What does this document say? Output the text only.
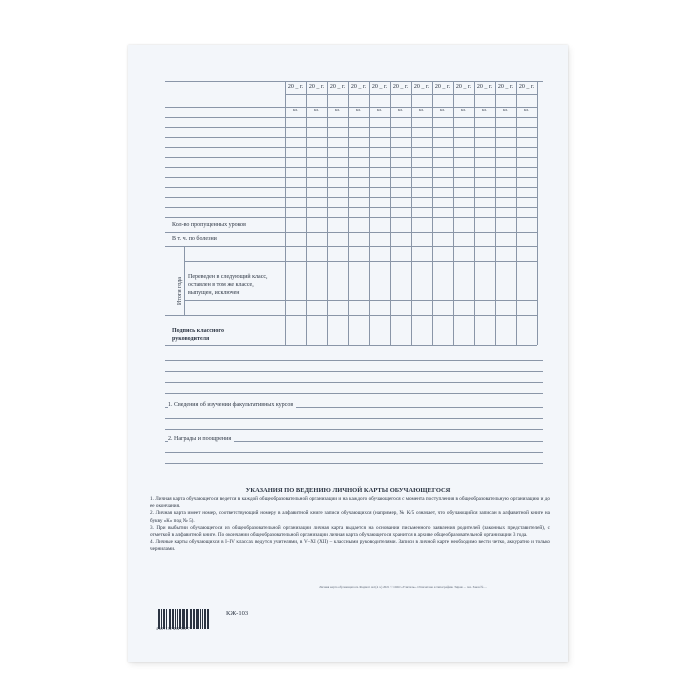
20 _ г.
кл.
20 _ г.
кл.
20 _ г.
кл.
20 _ г.
кл.
20 _ г.
кл.
20 _ г.
кл.
20 _ г.
кл.
20 _ г.
кл.
20 _ г.
кл.
20 _ г.
кл.
20 _ г.
кл.
20 _ г.
кл.
Кол-во пропущенных уроков
В т. ч. по болезни
Итоги года
Переведен в следующий класс,
оставлен в том же классе,
выпущен, исключен
Подпись классного
руководителя
1. Сведения об изучении факультативных курсов
2. Награды и поощрения
УКАЗАНИЯ ПО ВЕДЕНИЮ ЛИЧНОЙ КАРТЫ ОБУЧАЮЩЕГОСЯ

1. Личная карта обучающегося ведется в каждой общеобразовательной организации и на каждого обучающегося с момента поступления в общеобразовательную организацию и до ее окончания.

2. Личная карта имеет номер, соответствующий номеру в алфавитной книге записи обучающихся (например, № К/5 означает, что обучающийся записан в алфавитной книге на букву «К» под № 5).

3. При выбытии обучающегося из общеобразовательной организации личная карта выдается на основании письменного заявления родителей (законных представителей), с отметкой в алфавитной книге. По окончании общеобразовательной организации личная карта обучающегося хранится в архиве общеобразовательной организации 3 года.

4. Личные карты обучающихся в I–IV классах ведутся учителями, в V–XI (XII) – классными руководителями. Записи в личной карте необходимо вести четко, аккуратно и только чернилами.

Личная карта обучающегося. Формат А4 (4 л.) 2021 © ООО «Учитель». Отпечатано в типографии. Тираж ... экз. Заказ № ...
4 607132 494 051 7
КЖ-103
